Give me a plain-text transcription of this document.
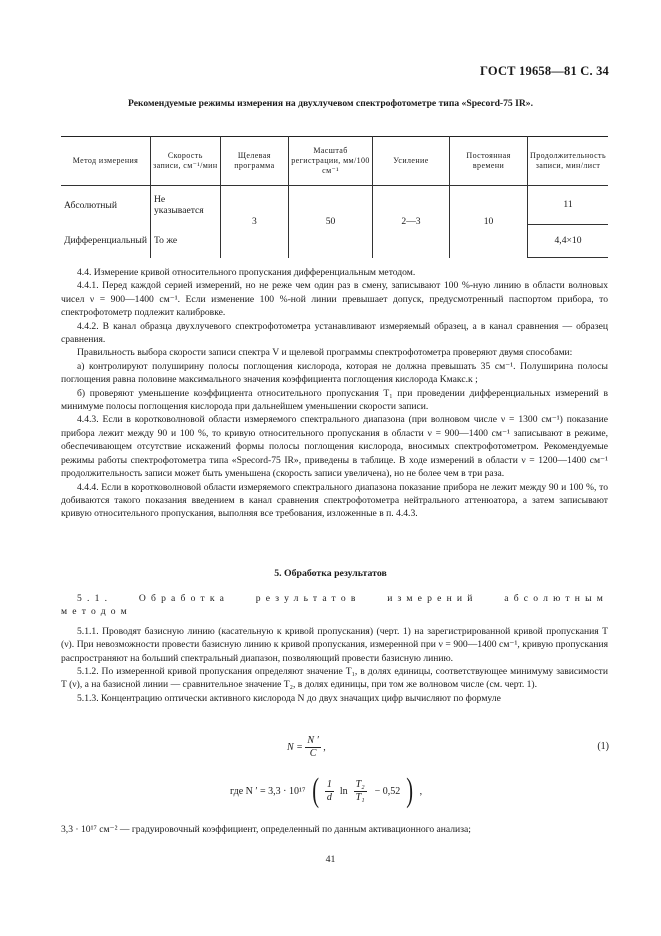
ГОСТ 19658—81 С. 34
Рекомендуемые режимы измерения на двухлучевом спектрофотометре типа «Specord-75 IR».
Метод измерения	Скорость записи, см⁻¹/мин	Щелевая программа	Масштаб регистрации, мм/100 см⁻¹	Усиление	Постоянная времени	Продолжительность записи, мин/лист
Абсолютный	Не указывается	3	50	2—3	10	11
Дифференциальный	То же					4,4×10

4.4. Измерение кривой относительного пропускания дифференциальным методом.

4.4.1. Перед каждой серией измерений, но не реже чем один раз в смену, записывают 100 %-ную линию в области волновых чисел ν = 900—1400 см⁻¹. Если изменение 100 %-ной линии превышает допуск, предусмотренный паспортом прибора, то спектрофотометр подлежит калибровке.

4.4.2. В канал образца двухлучевого спектрофотометра устанавливают измеряемый образец, а в канал сравнения — образец сравнения.

Правильность выбора скорости записи спектра V и щелевой программы спектрофотометра проверяют двумя способами:

а) контролируют полуширину полосы поглощения кислорода, которая не должна превышать 35 см⁻¹. Полуширина полосы поглощения равна половине максимального значения коэффициента поглощения кислорода Kмакс.к ;

б) проверяют уменьшение коэффициента относительного пропускания T₁ при проведении дифференциальных измерений в минимуме полосы поглощения кислорода при дальнейшем уменьшении скорости записи.

4.4.3. Если в коротковолновой области измеряемого спектрального диапазона (при волновом числе ν = 1300 см⁻¹) показание прибора лежит между 90 и 100 %, то кривую относительного пропускания в области ν = 900—1400 см⁻¹ записывают в режиме, обеспечивающем отсутствие искажений формы полосы поглощения кислорода, вносимых спектрофотометром. Рекомендуемые режимы работы спектрофотометра типа «Specord-75 IR», приведены в таблице. В ходе измерений в области ν = 1200—1400 см⁻¹ продолжительность записи может быть уменьшена (скорость записи увеличена), но не более чем в три раза.

4.4.4. Если в коротковолновой области измеряемого спектрального диапазона показание прибора не лежит между 90 и 100 %, то добиваются такого показания введением в канал сравнения спектрофотометра нейтрального аттенюатора, а затем записывают кривую относительного пропускания, выполняя все требования, изложенные в п. 4.4.3.

5. Обработка результатов

5.1. Обработка результатов измерений абсолютным методом

5.1.1. Проводят базисную линию (касательную к кривой пропускания) (черт. 1) на зарегистрированной кривой пропускания T (ν). При невозможности провести базисную линию к кривой пропускания, измеренной при ν = 900—1400 см⁻¹, кривую пропускания распространяют на больший спектральный диапазон, позволяющий провести базисную линию.

5.1.2. По измеренной кривой пропускания определяют значение T₁, в долях единицы, соответствующее минимуму зависимости T (ν), а на базисной линии — сравнительное значение T₂, в долях единицы, при том же волновом числе (см. черт. 1).

5.1.3. Концентрацию оптически активного кислорода N до двух значащих цифр вычисляют по формуле

$N = \frac{N '}{C}$ ,	(1)
где N ′ = 3,3 · 10¹⁷ ( $\frac{1}{d}$ $\ln \frac{\text{T₂}}{\text{T₁}} - 0,52$ ) ,
3,3 · 10¹⁷ см⁻² — градуировочный коэффициент, определенный по данным активационного анализа;
41
